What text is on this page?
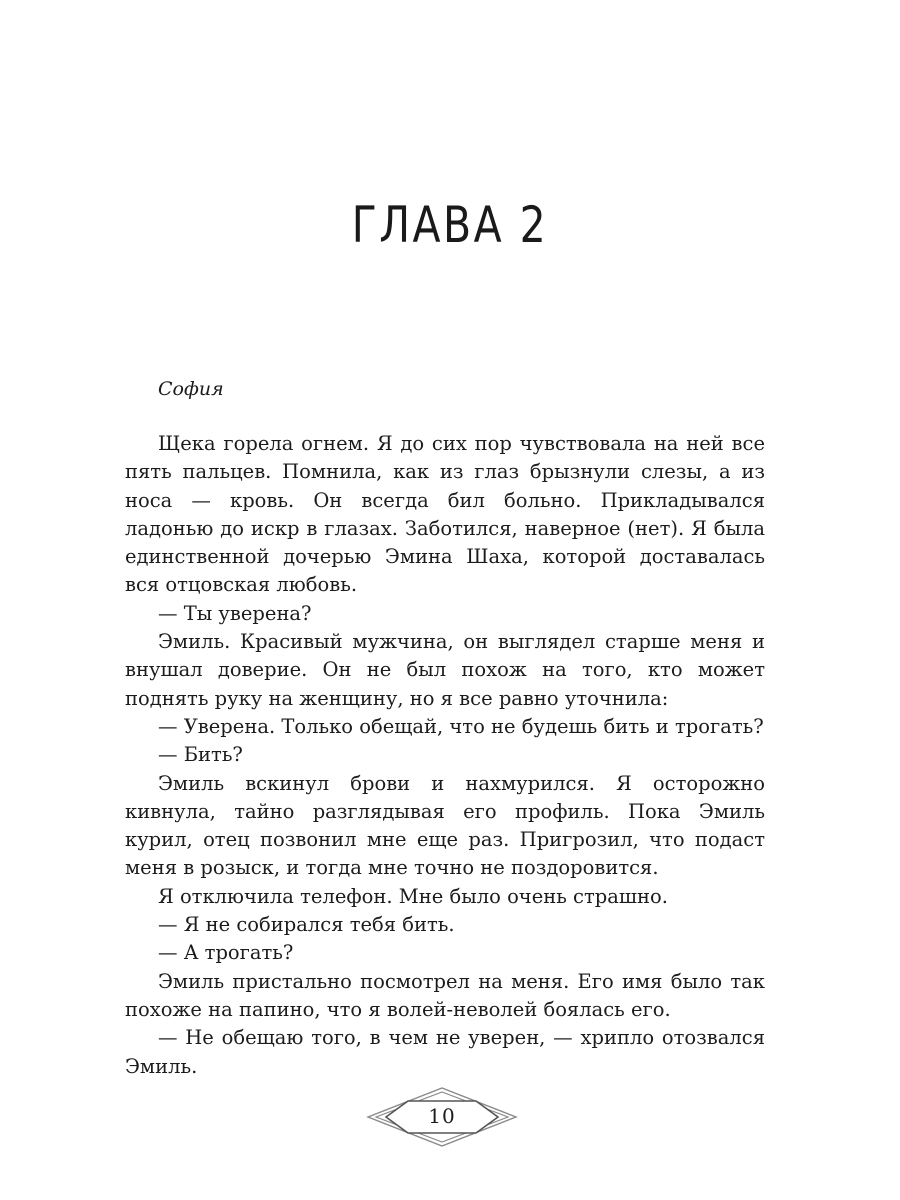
ГЛАВА 2

София

Щека горела огнем. Я до сих пор чувствовала на ней все пять пальцев. Помнила, как из глаз брызнули слезы, а из носа — кровь. Он всегда бил больно. Прикладывался ладонью до искр в глазах. Заботился, наверное (нет). Я была единственной дочерью Эмина Шаха, которой доставалась вся отцовская любовь.

— Ты уверена?

Эмиль. Красивый мужчина, он выглядел старше меня и внушал доверие. Он не был похож на того, кто может поднять руку на женщину, но я все равно уточнила:

— Уверена. Только обещай, что не будешь бить и трогать?

— Бить?

Эмиль вскинул брови и нахмурился. Я осторожно кивнула, тайно разглядывая его профиль. Пока Эмиль курил, отец позвонил мне еще раз. Пригрозил, что подаст меня в розыск, и тогда мне точно не поздоровится.

Я отключила телефон. Мне было очень страшно.

— Я не собирался тебя бить.

— А трогать?

Эмиль пристально посмотрел на меня. Его имя было так похоже на папино, что я волей-неволей боялась его.

— Не обещаю того, в чем не уверен, — хрипло отозвался Эмиль.

10
